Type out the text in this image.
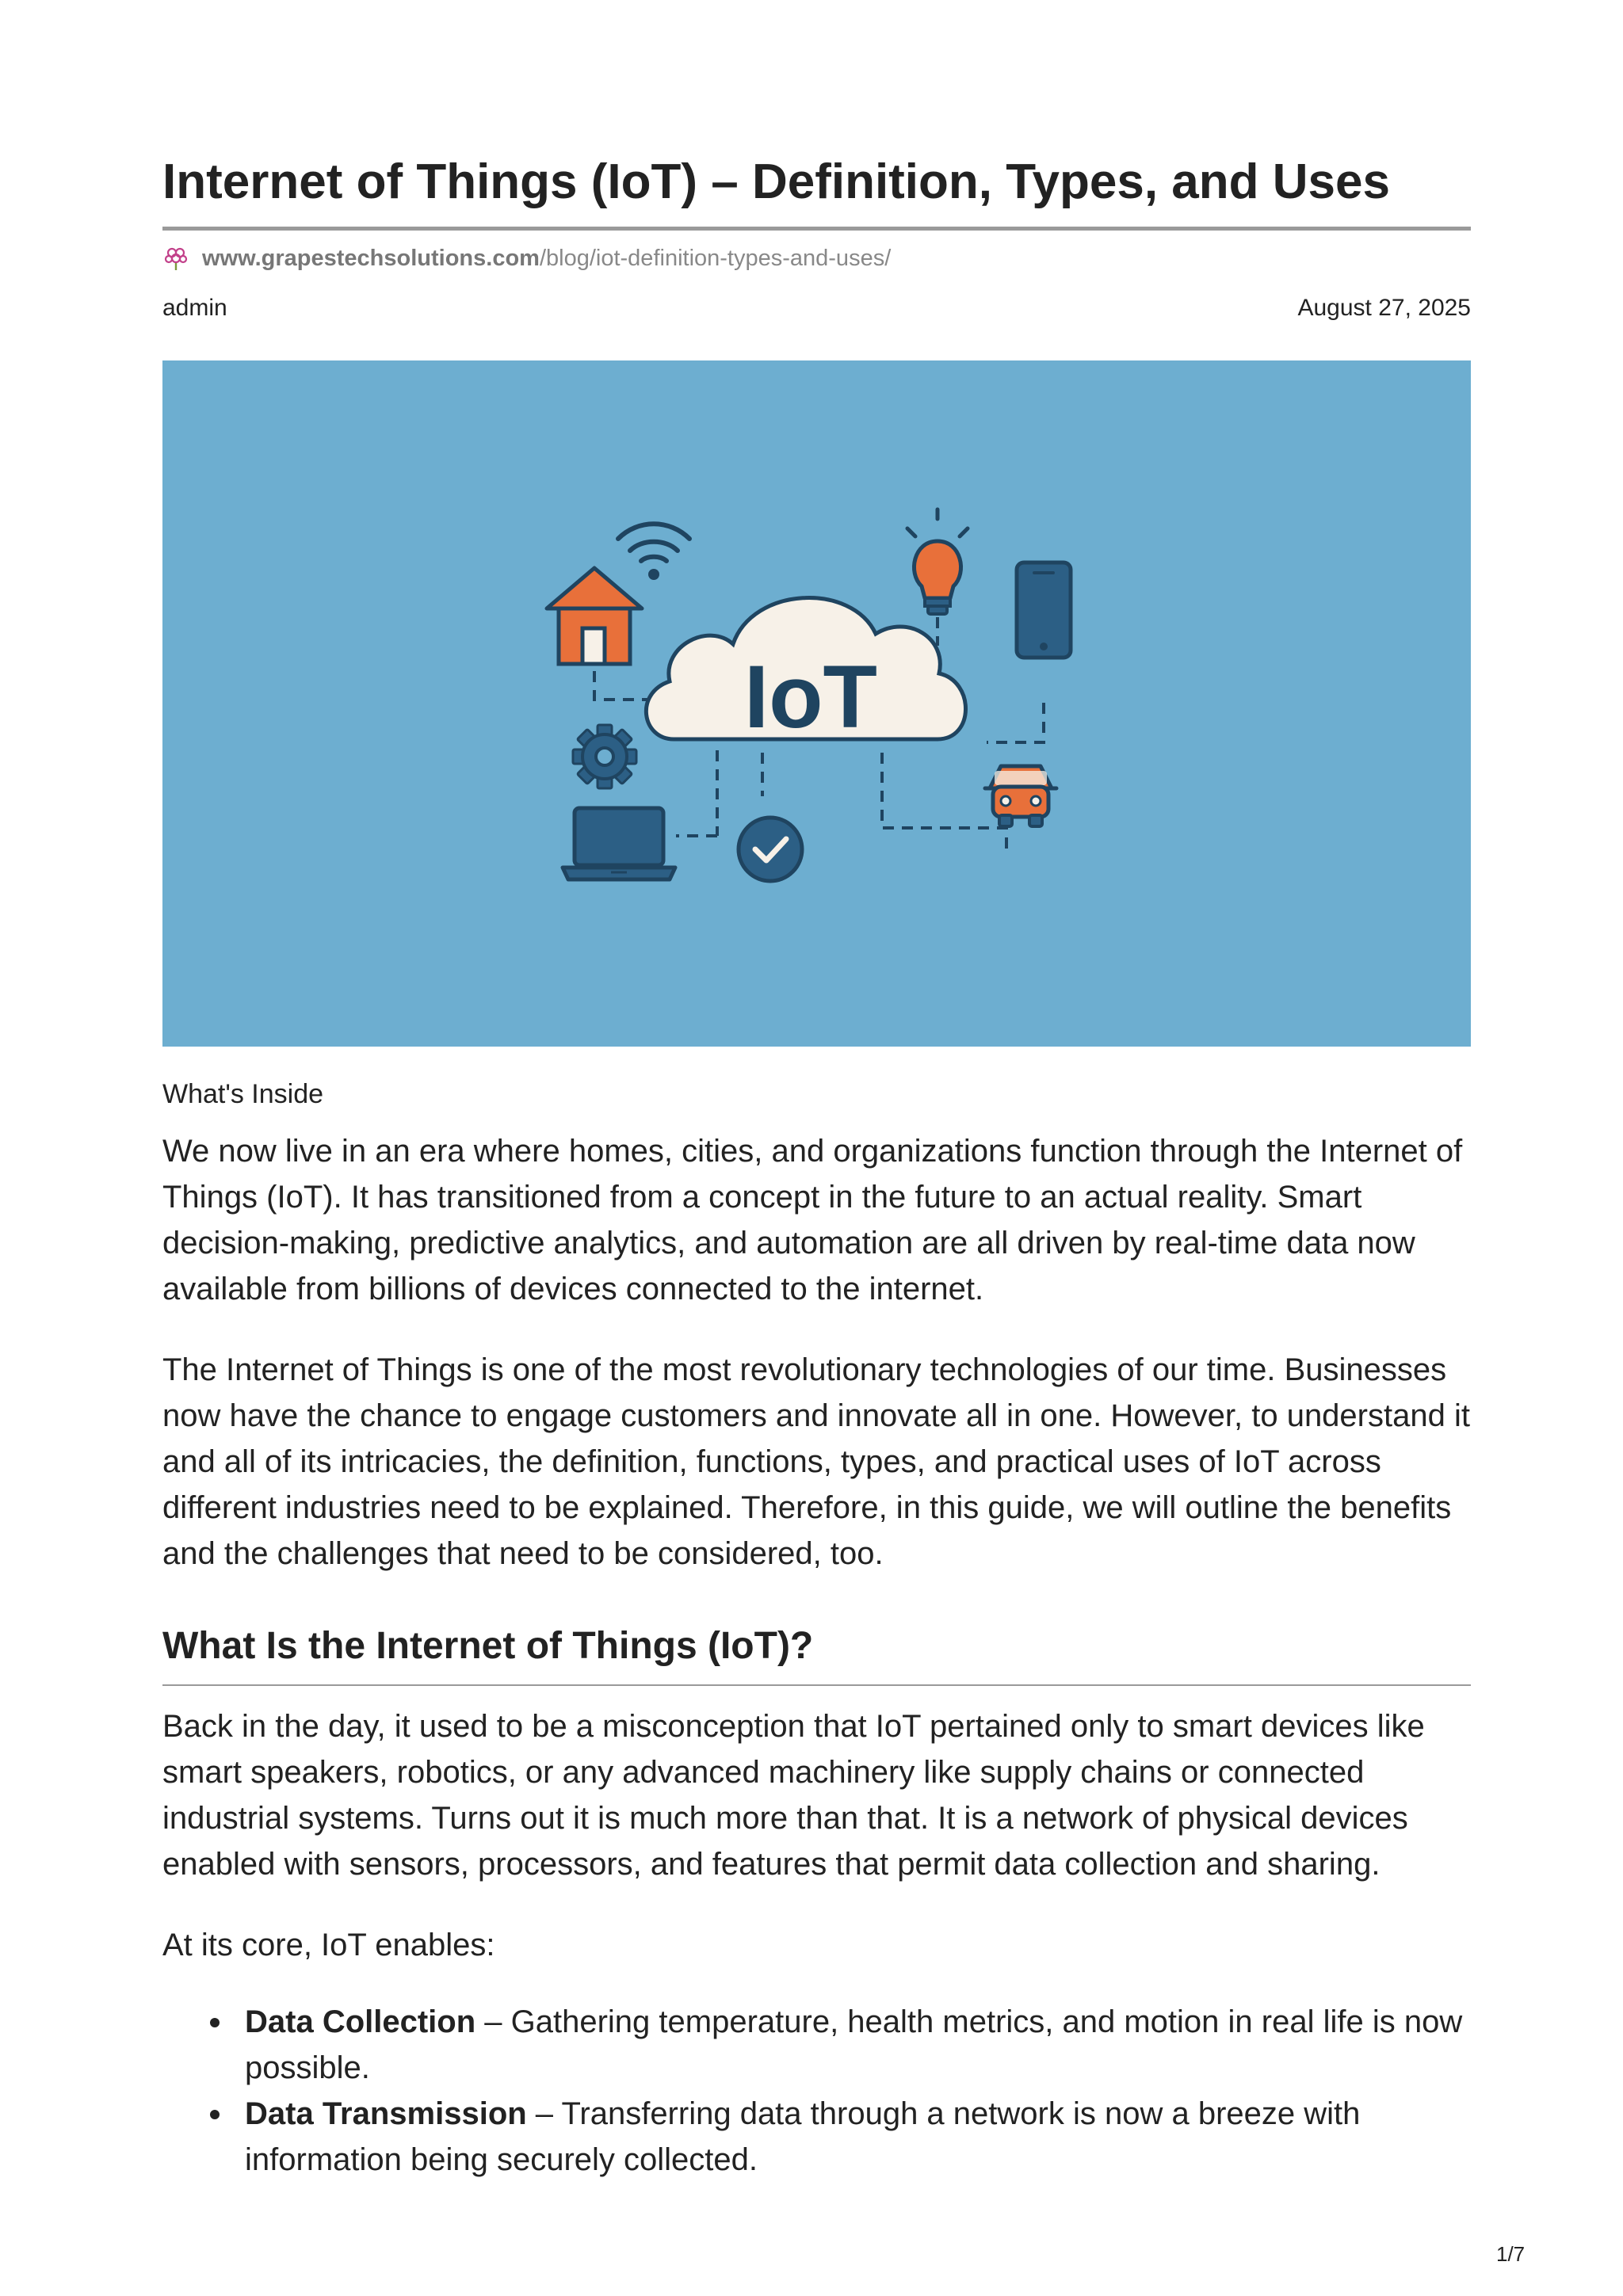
Internet of Things (IoT) – Definition, Types, and Uses
www.grapestechsolutions.com /blog/iot-definition-types-and-uses/
admin	August 27, 2025
IoT
What's Inside

We now live in an era where homes, cities, and organizations function through the Internet of Things (IoT). It has transitioned from a concept in the future to an actual reality. Smart decision-making, predictive analytics, and automation are all driven by real-time data now available from billions of devices connected to the internet.

The Internet of Things is one of the most revolutionary technologies of our time. Businesses now have the chance to engage customers and innovate all in one. However, to understand it and all of its intricacies, the definition, functions, types, and practical uses of IoT across different industries need to be explained. Therefore, in this guide, we will outline the benefits and the challenges that need to be considered, too.

What Is the Internet of Things (IoT)?

Back in the day, it used to be a misconception that IoT pertained only to smart devices like smart speakers, robotics, or any advanced machinery like supply chains or connected industrial systems. Turns out it is much more than that. It is a network of physical devices enabled with sensors, processors, and features that permit data collection and sharing.

At its core, IoT enables:

Data Collection – Gathering temperature, health metrics, and motion in real life is now possible.
Data Transmission – Transferring data through a network is now a breeze with information being securely collected.
1/7
